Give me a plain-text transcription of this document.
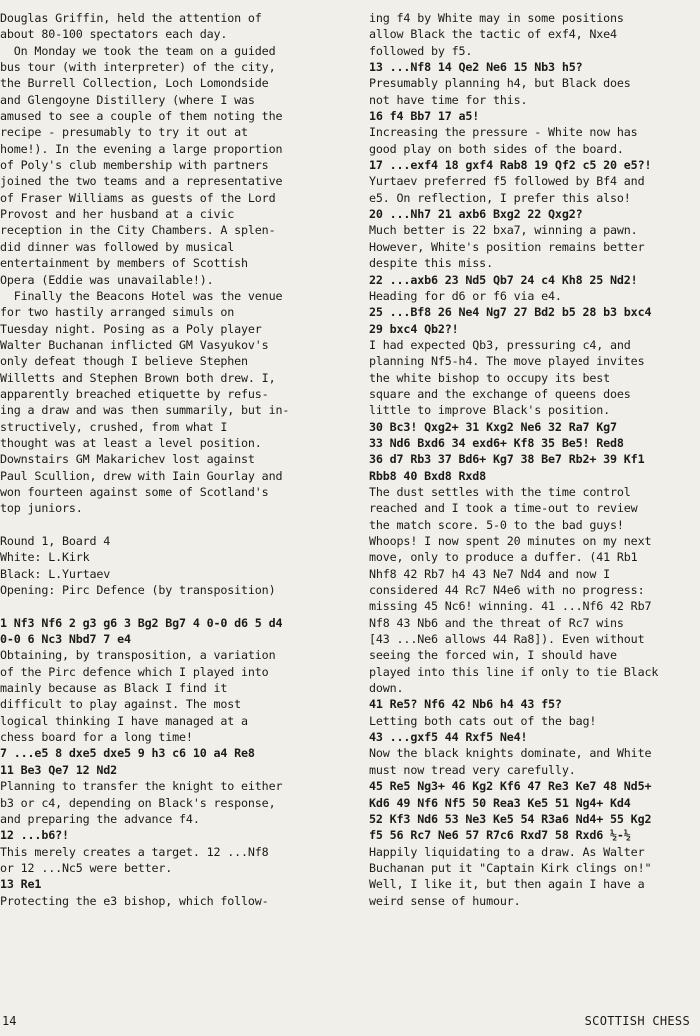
Douglas Griffin, held the attention of

about 80-100 spectators each day.

On Monday we took the team on a guided

bus tour (with interpreter) of the city,

the Burrell Collection, Loch Lomondside

and Glengoyne Distillery (where I was

amused to see a couple of them noting the

recipe - presumably to try it out at

home!). In the evening a large proportion

of Poly's club membership with partners

joined the two teams and a representative

of Fraser Williams as guests of the Lord

Provost and her husband at a civic

reception in the City Chambers. A splen-

did dinner was followed by musical

entertainment by members of Scottish

Opera (Eddie was unavailable!).

Finally the Beacons Hotel was the venue

for two hastily arranged simuls on

Tuesday night. Posing as a Poly player

Walter Buchanan inflicted GM Vasyukov's

only defeat though I believe Stephen

Willetts and Stephen Brown both drew. I,

apparently breached etiquette by refus-

ing a draw and was then summarily, but in-

structively, crushed, from what I

thought was at least a level position.

Downstairs GM Makarichev lost against

Paul Scullion, drew with Iain Gourlay and

won fourteen against some of Scotland's

top juniors.

Round 1, Board 4

White: L.Kirk

Black: L.Yurtaev

Opening: Pirc Defence (by transposition)

1 Nf3 Nf6 2 g3 g6 3 Bg2 Bg7 4 0-0 d6 5 d4

0-0 6 Nc3 Nbd7 7 e4

Obtaining, by transposition, a variation

of the Pirc defence which I played into

mainly because as Black I find it

difficult to play against. The most

logical thinking I have managed at a

chess board for a long time!

7 ...e5 8 dxe5 dxe5 9 h3 c6 10 a4 Re8

11 Be3 Qe7 12 Nd2

Planning to transfer the knight to either

b3 or c4, depending on Black's response,

and preparing the advance f4.

12 ...b6?!

This merely creates a target. 12 ...Nf8

or 12 ...Nc5 were better.

13 Re1

Protecting the e3 bishop, which follow-

ing f4 by White may in some positions

allow Black the tactic of exf4, Nxe4

followed by f5.

13 ...Nf8 14 Qe2 Ne6 15 Nb3 h5?

Presumably planning h4, but Black does

not have time for this.

16 f4 Bb7 17 a5!

Increasing the pressure - White now has

good play on both sides of the board.

17 ...exf4 18 gxf4 Rab8 19 Qf2 c5 20 e5?!

Yurtaev preferred f5 followed by Bf4 and

e5. On reflection, I prefer this also!

20 ...Nh7 21 axb6 Bxg2 22 Qxg2?

Much better is 22 bxa7, winning a pawn.

However, White's position remains better

despite this miss.

22 ...axb6 23 Nd5 Qb7 24 c4 Kh8 25 Nd2!

Heading for d6 or f6 via e4.

25 ...Bf8 26 Ne4 Ng7 27 Bd2 b5 28 b3 bxc4

29 bxc4 Qb2?!

I had expected Qb3, pressuring c4, and

planning Nf5-h4. The move played invites

the white bishop to occupy its best

square and the exchange of queens does

little to improve Black's position.

30 Bc3! Qxg2+ 31 Kxg2 Ne6 32 Ra7 Kg7

33 Nd6 Bxd6 34 exd6+ Kf8 35 Be5! Red8

36 d7 Rb3 37 Bd6+ Kg7 38 Be7 Rb2+ 39 Kf1

Rbb8 40 Bxd8 Rxd8

The dust settles with the time control

reached and I took a time-out to review

the match score. 5-0 to the bad guys!

Whoops! I now spent 20 minutes on my next

move, only to produce a duffer. (41 Rb1

Nhf8 42 Rb7 h4 43 Ne7 Nd4 and now I

considered 44 Rc7 N4e6 with no progress:

missing 45 Nc6! winning. 41 ...Nf6 42 Rb7

Nf8 43 Nb6 and the threat of Rc7 wins

[43 ...Ne6 allows 44 Ra8]). Even without

seeing the forced win, I should have

played into this line if only to tie Black

down.

41 Re5? Nf6 42 Nb6 h4 43 f5?

Letting both cats out of the bag!

43 ...gxf5 44 Rxf5 Ne4!

Now the black knights dominate, and White

must now tread very carefully.

45 Re5 Ng3+ 46 Kg2 Kf6 47 Re3 Ke7 48 Nd5+

Kd6 49 Nf6 Nf5 50 Rea3 Ke5 51 Ng4+ Kd4

52 Kf3 Nd6 53 Ne3 Ke5 54 R3a6 Nd4+ 55 Kg2

f5 56 Rc7 Ne6 57 R7c6 Rxd7 58 Rxd6 ½-½

Happily liquidating to a draw. As Walter

Buchanan put it "Captain Kirk clings on!"

Well, I like it, but then again I have a

weird sense of humour.

14	SCOTTISH CHESS
